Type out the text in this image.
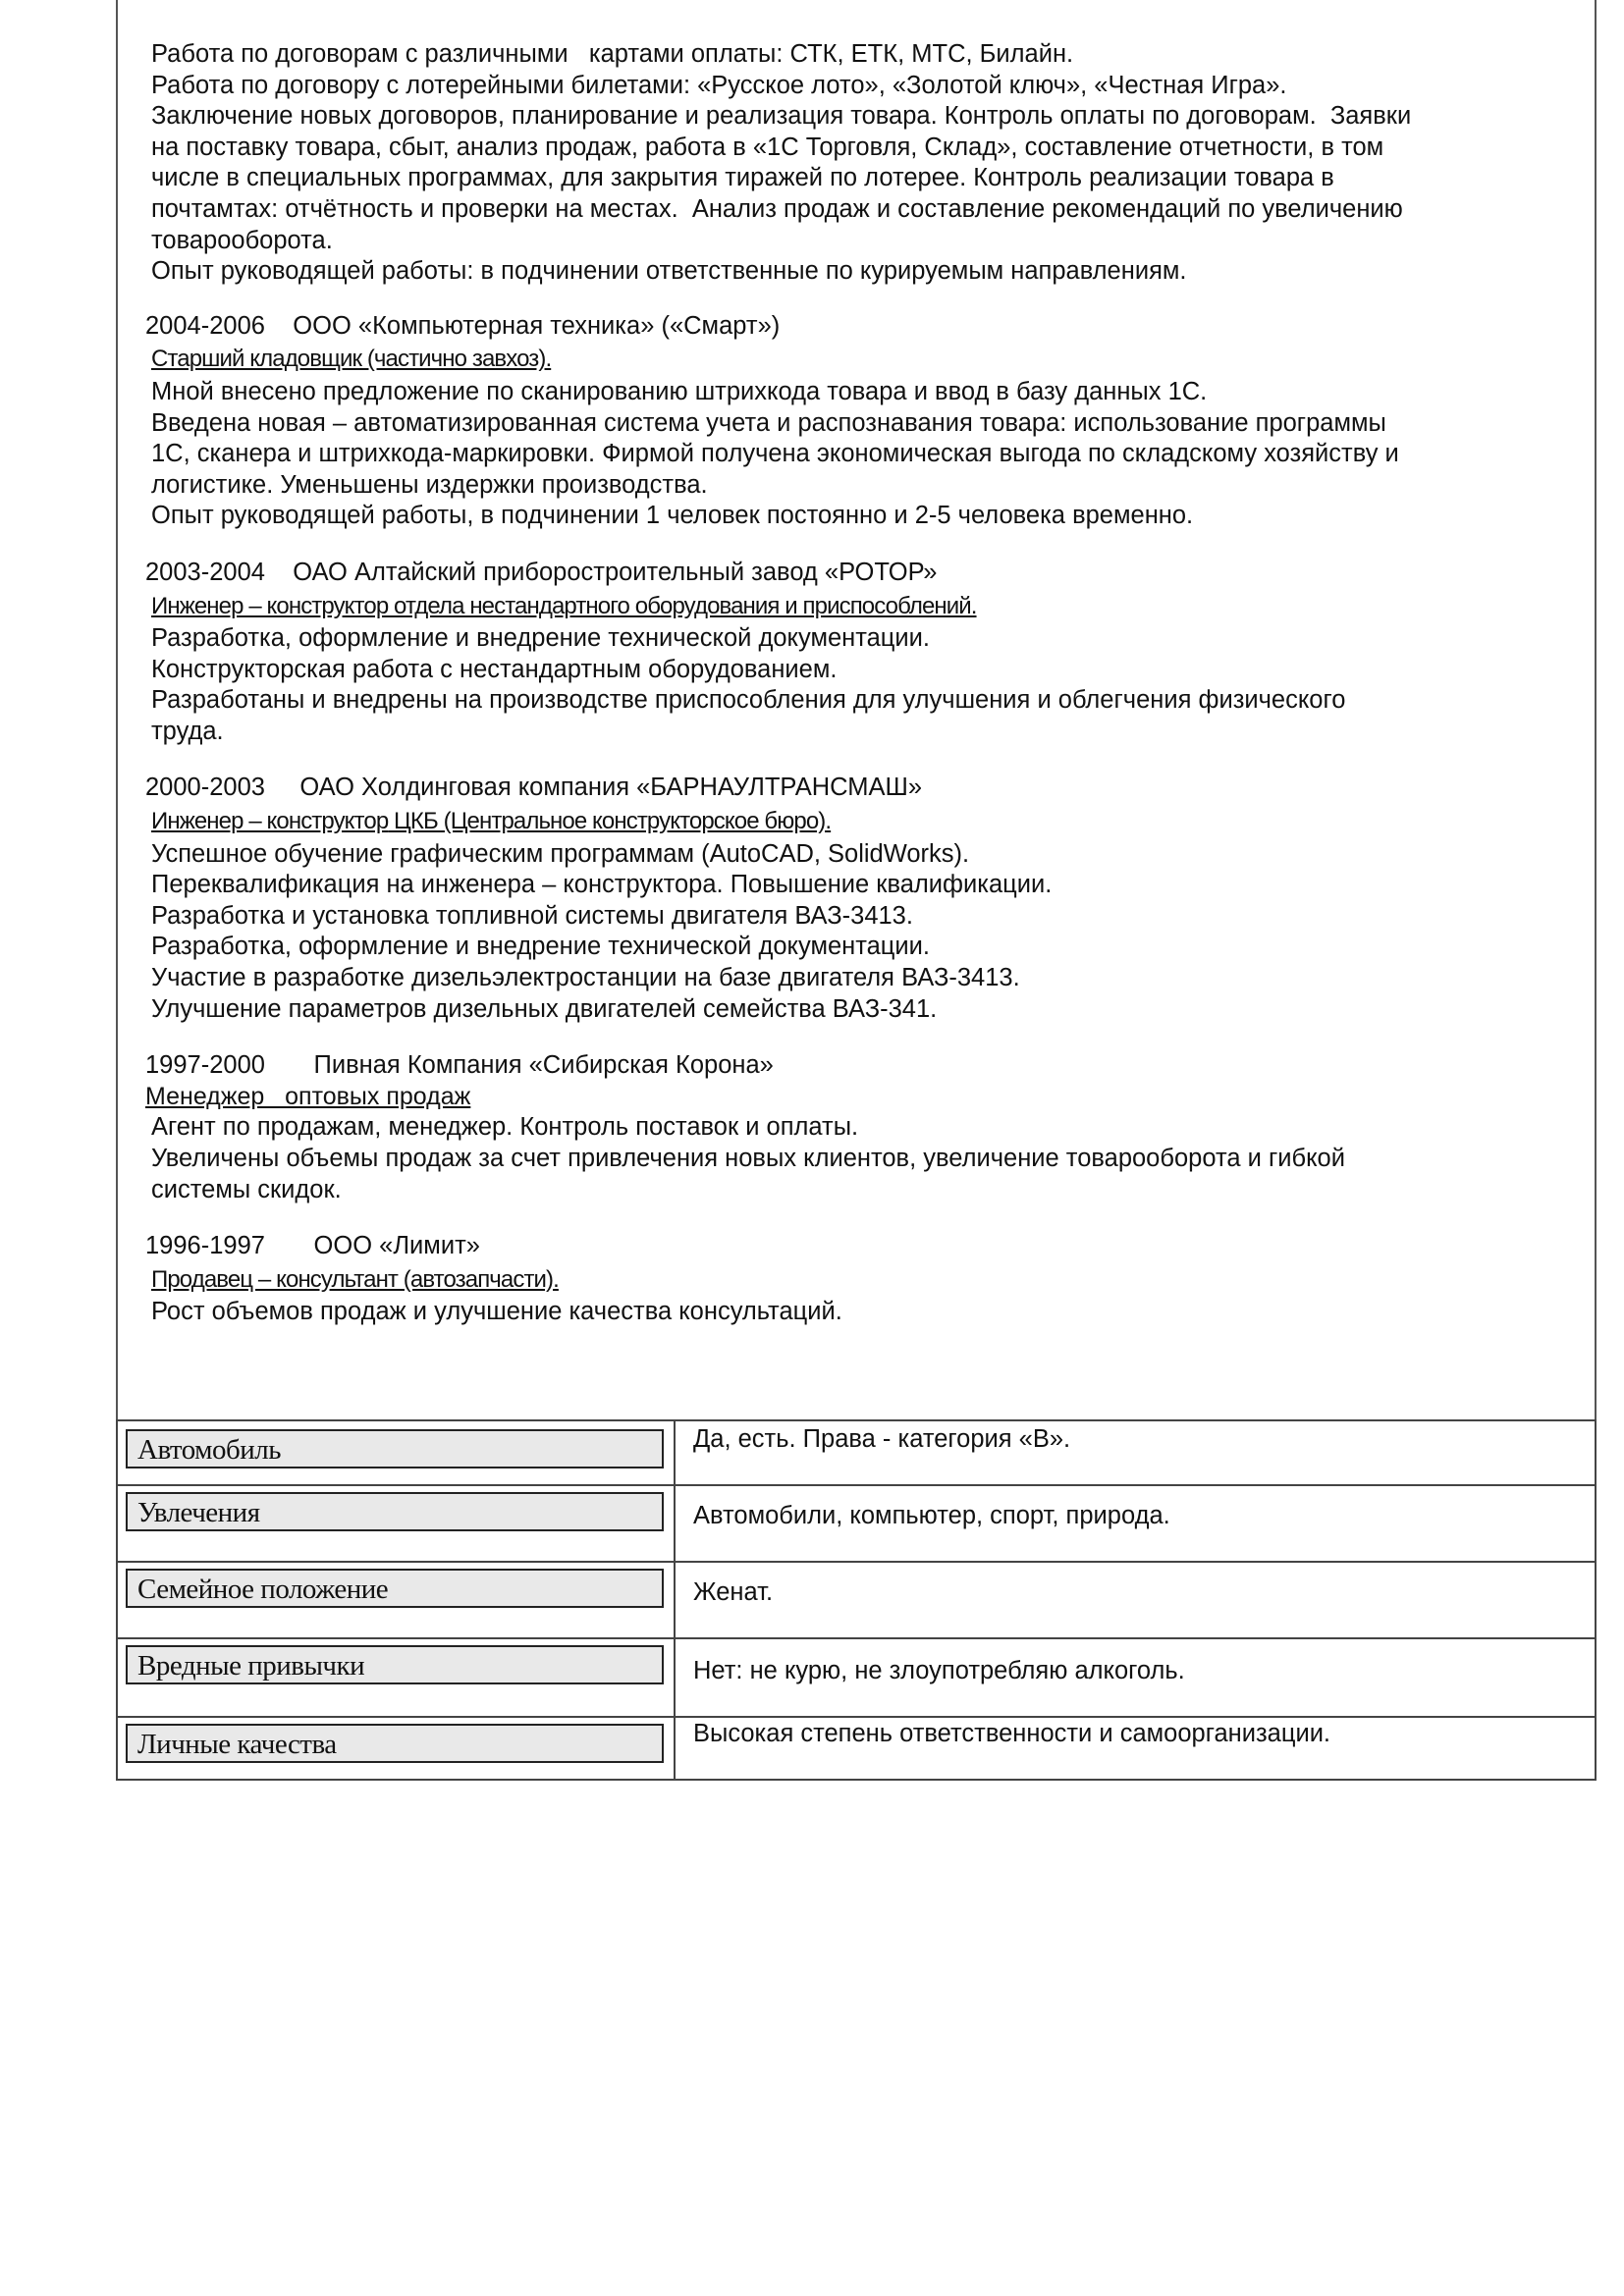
Работа по договорам с различными   картами оплаты: СТК, ЕТК, МТС, Билайн.
Работа по договору с лотерейными билетами: «Русское лото», «Золотой ключ», «Честная Игра».
Заключение новых договоров, планирование и реализация товара. Контроль оплаты по договорам.  Заявки
на поставку товара, сбыт, анализ продаж, работа в «1С Торговля, Склад», составление отчетности, в том
числе в специальных программах, для закрытия тиражей по лотерее. Контроль реализации товара в
почтамтах: отчётность и проверки на местах.  Анализ продаж и составление рекомендаций по увеличению
товарооборота.
Опыт руководящей работы: в подчинении ответственные по курируемым направлениям.
2004-2006 ООО «Компьютерная техника» («Смарт»)
Старший кладовщик (частично завхоз).
Мной внесено предложение по сканированию штрихкода товара и ввод в базу данных 1С.
Введена новая – автоматизированная система учета и распознавания товара: использование программы
1С, сканера и штрихкода-маркировки. Фирмой получена экономическая выгода по складскому хозяйству и
логистике. Уменьшены издержки производства.
Опыт руководящей работы, в подчинении 1 человек постоянно и 2-5 человека временно.
2003-2004 ОАО Алтайский приборостроительный завод «РОТОР»
Инженер – конструктор отдела нестандартного оборудования и приспособлений.
Разработка, оформление и внедрение технической документации.
Конструкторская работа с нестандартным оборудованием.
Разработаны и внедрены на производстве приспособления для улучшения и облегчения физического
труда.
2000-2003 ОАО Холдинговая компания «БАРНАУЛТРАНСМАШ»
Инженер – конструктор ЦКБ (Центральное конструкторское бюро).
Успешное обучение графическим программам (AutoCAD, SolidWorks).
Переквалификация на инженера – конструктора. Повышение квалификации.
Разработка и установка топливной системы двигателя ВАЗ-3413.
Разработка, оформление и внедрение технической документации.
Участие в разработке дизельэлектростанции на базе двигателя ВАЗ-3413.
Улучшение параметров дизельных двигателей семейства ВАЗ-341.
1997-2000 Пивная Компания «Сибирская Корона»
Менеджер   оптовых продаж
Агент по продажам, менеджер. Контроль поставок и оплаты.
Увеличены объемы продаж за счет привлечения новых клиентов, увеличение товарооборота и гибкой
системы скидок.
1996-1997 ООО «Лимит»
Продавец – консультант (автозапчасти).
Рост объемов продаж и улучшение качества консультаций.
Автомобиль	Да, есть. Права - категория «В».

Увлечения	Автомобили, компьютер, спорт, природа.

Семейное положение	Женат.

Вредные привычки	Нет: не курю, не злоупотребляю алкоголь.

Личные качества	Высокая степень ответственности и самоорганизации.
